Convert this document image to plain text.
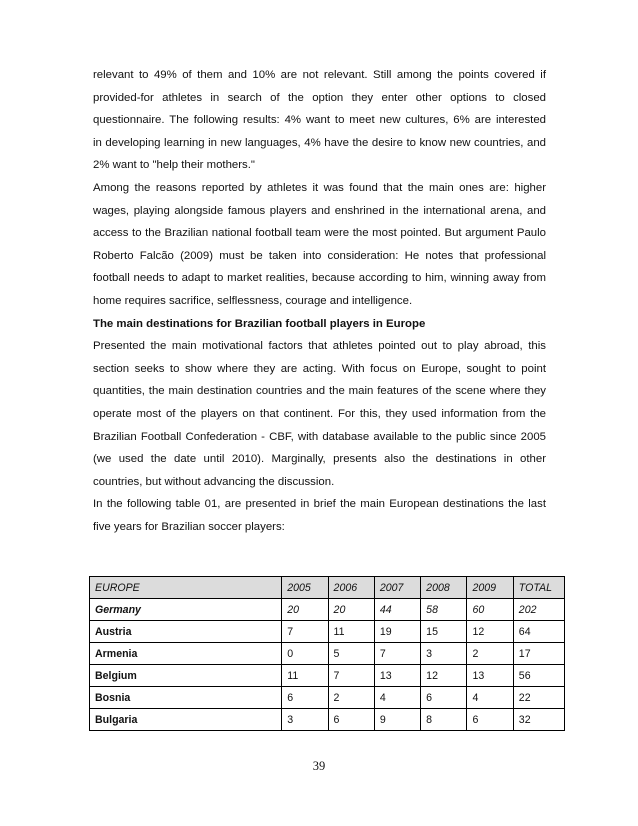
relevant to 49% of them and 10% are not relevant. Still among the points covered if
provided-for athletes in search of the option they enter other options to closed
questionnaire. The following results: 4% want to meet new cultures, 6% are interested
in developing learning in new languages, 4% have the desire to know new countries, and
2% want to "help their mothers."

Among the reasons reported by athletes it was found that the main ones are: higher wages, playing alongside famous players and enshrined in the international arena, and access to the Brazilian national football team were the most pointed. But argument Paulo Roberto Falcão (2009) must be taken into consideration: He notes that professional football needs to adapt to market realities, because according to him, winning away from home requires sacrifice, selflessness, courage and intelligence.

The main destinations for Brazilian football players in Europe

Presented the main motivational factors that athletes pointed out to play abroad, this section seeks to show where they are acting. With focus on Europe, sought to point quantities, the main destination countries and the main features of the scene where they operate most of the players on that continent. For this, they used information from the Brazilian Football Confederation - CBF, with database available to the public since 2005 (we used the date until 2010). Marginally, presents also the destinations in other countries, but without advancing the discussion.

In the following table 01, are presented in brief the main European destinations the last five years for Brazilian soccer players:

EUROPE	2005	2006	2007	2008	2009	TOTAL
Germany	20	20	44	58	60	202
Austria	7	11	19	15	12	64
Armenia	0	5	7	3	2	17
Belgium	11	7	13	12	13	56
Bosnia	6	2	4	6	4	22
Bulgaria	3	6	9	8	6	32
39
